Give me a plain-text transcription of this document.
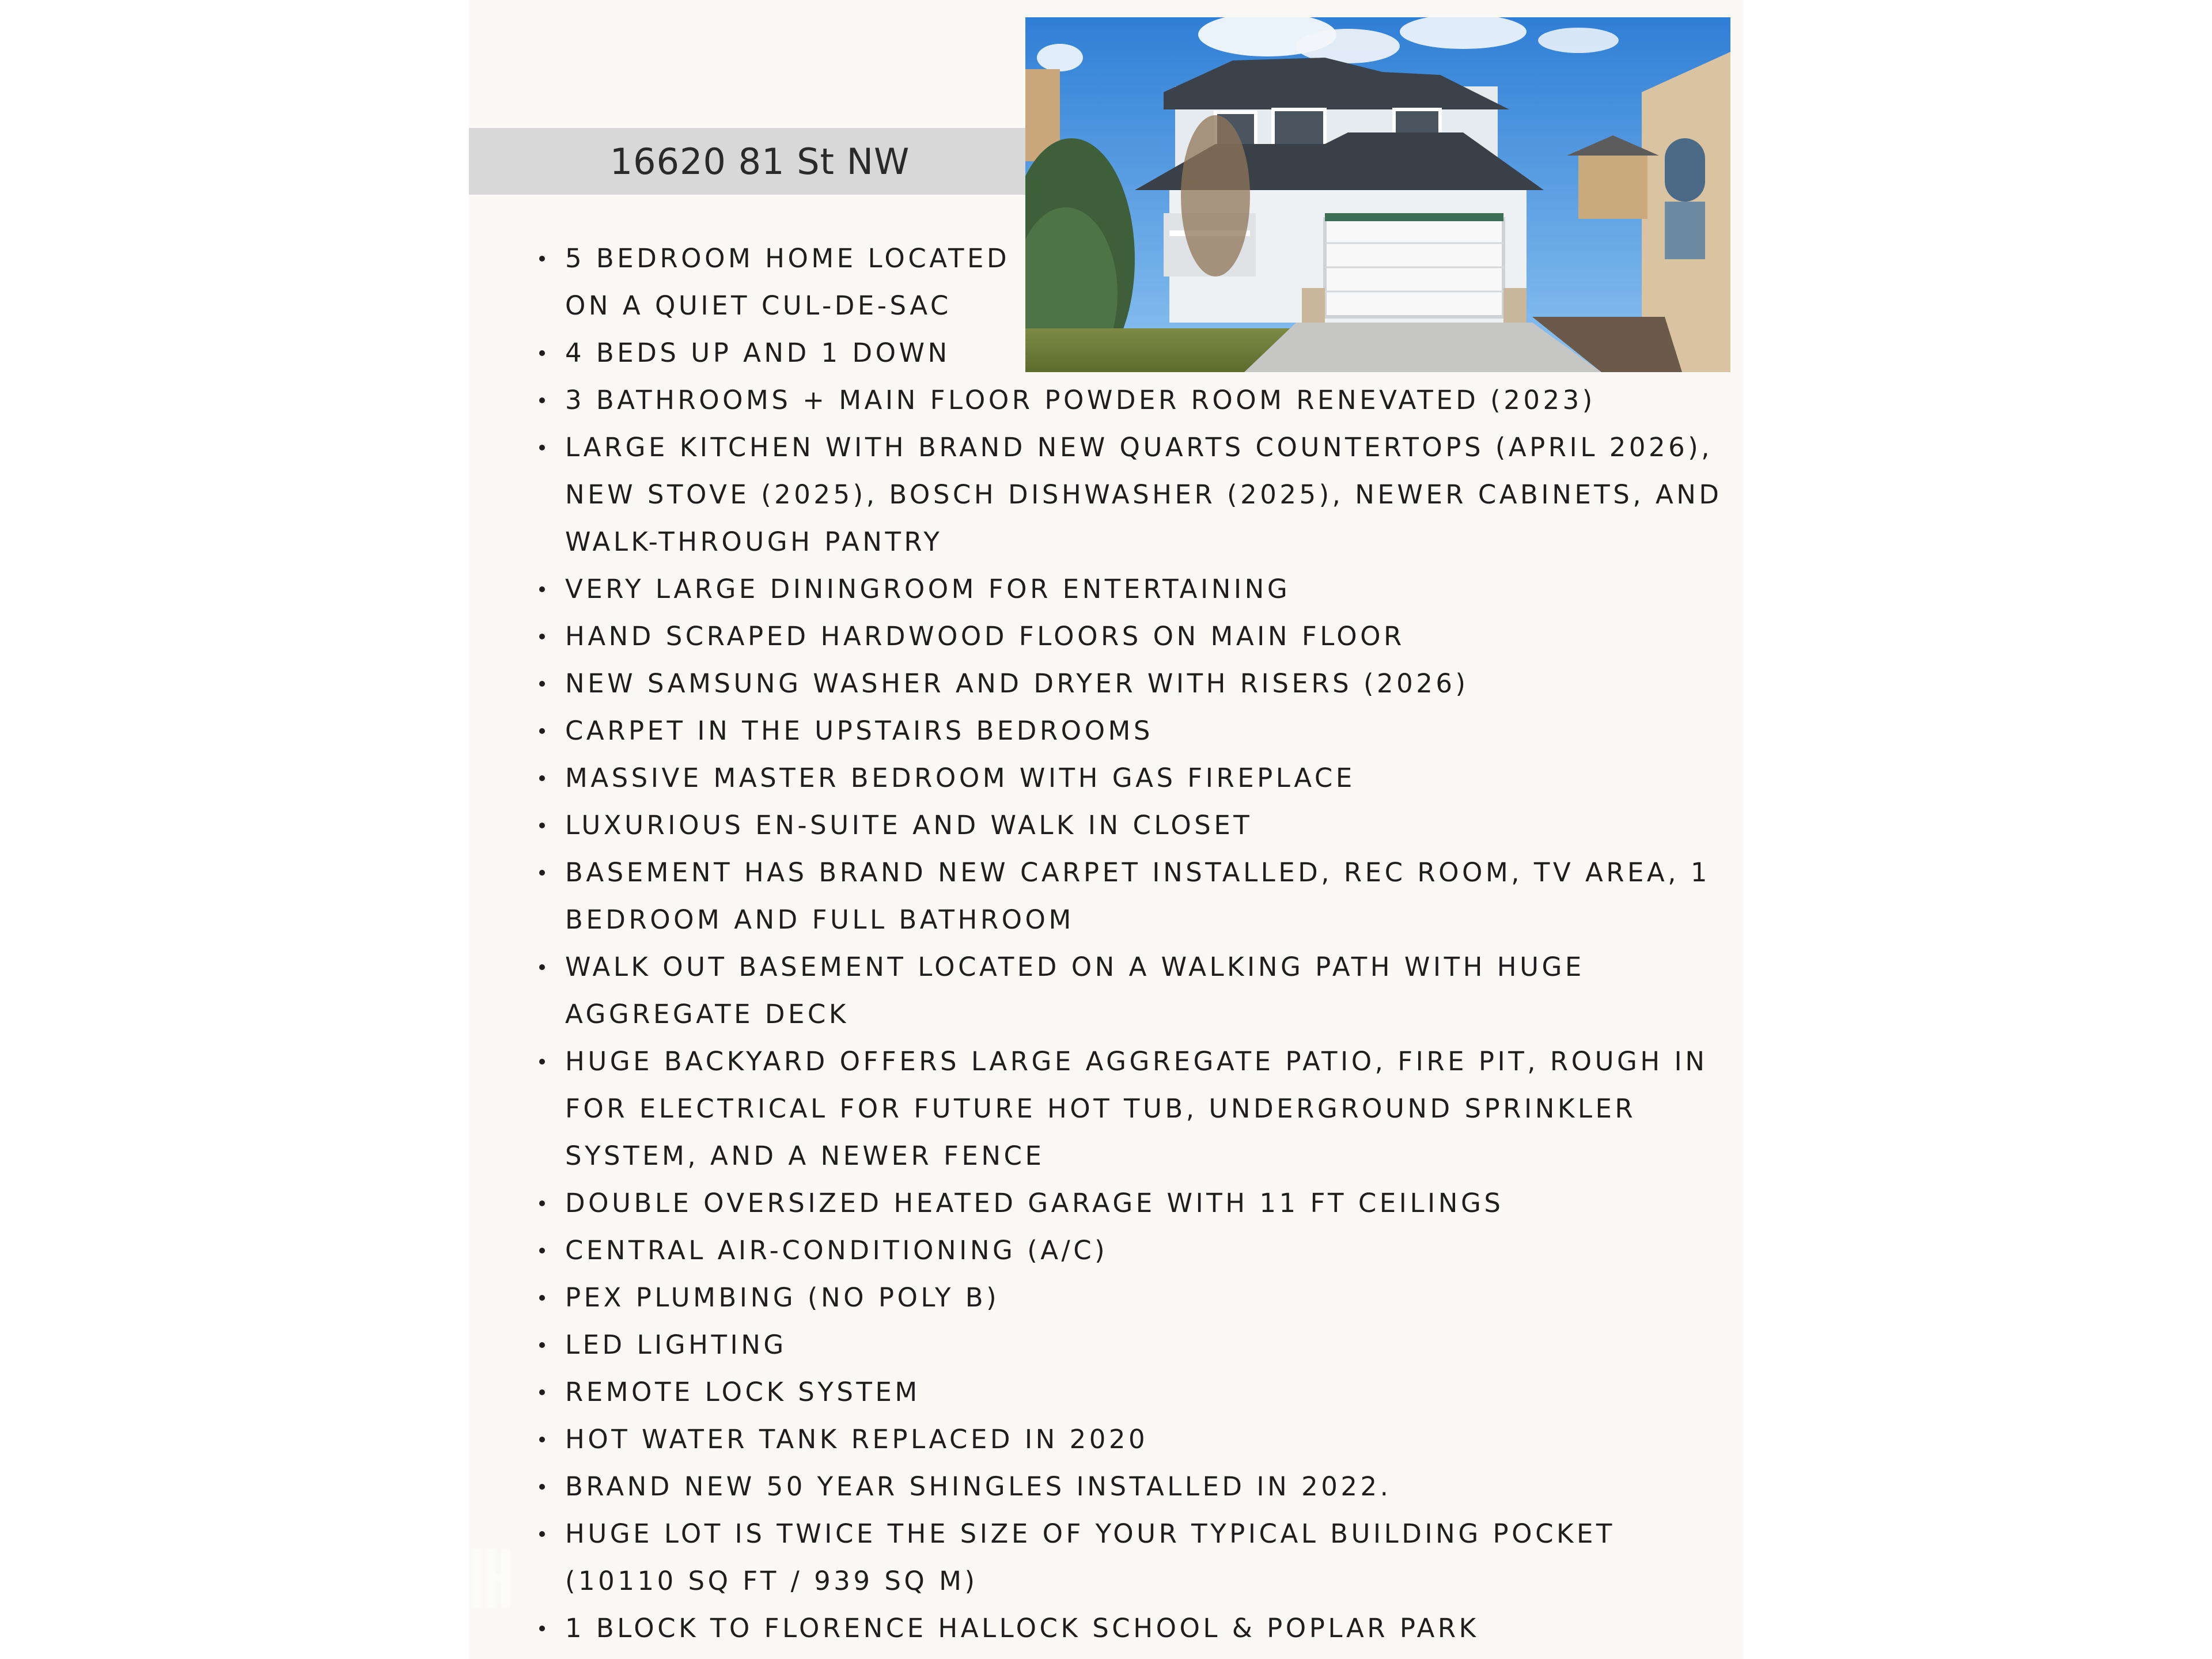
16620 81 St NW
5 BEDROOM HOME LOCATED ON A QUIET CUL-DE-SAC
4 BEDS UP AND 1 DOWN
3 BATHROOMS + MAIN FLOOR POWDER ROOM RENEVATED (2023)
LARGE KITCHEN WITH BRAND NEW QUARTS COUNTERTOPS (APRIL 2026), NEW STOVE (2025), BOSCH DISHWASHER (2025), NEWER CABINETS, AND WALK-THROUGH PANTRY
VERY LARGE DININGROOM FOR ENTERTAINING
HAND SCRAPED HARDWOOD FLOORS ON MAIN FLOOR
NEW SAMSUNG WASHER AND DRYER WITH RISERS (2026)
CARPET IN THE UPSTAIRS BEDROOMS
MASSIVE MASTER BEDROOM WITH GAS FIREPLACE
LUXURIOUS EN-SUITE AND WALK IN CLOSET
BASEMENT HAS BRAND NEW CARPET INSTALLED, REC ROOM, TV AREA, 1 BEDROOM AND FULL BATHROOM
WALK OUT BASEMENT LOCATED ON A WALKING PATH WITH HUGE AGGREGATE DECK
HUGE BACKYARD OFFERS LARGE AGGREGATE PATIO, FIRE PIT, ROUGH IN FOR ELECTRICAL FOR FUTURE HOT TUB, UNDERGROUND SPRINKLER SYSTEM, AND A NEWER FENCE
DOUBLE OVERSIZED HEATED GARAGE WITH 11 FT CEILINGS
CENTRAL AIR-CONDITIONING (A/C)
PEX PLUMBING (NO POLY B)
LED LIGHTING
REMOTE LOCK SYSTEM
HOT WATER TANK REPLACED IN 2020
BRAND NEW 50 YEAR SHINGLES INSTALLED IN 2022.
HUGE LOT IS TWICE THE SIZE OF YOUR TYPICAL BUILDING POCKET (10110 SQ FT / 939 SQ M)
1 BLOCK TO FLORENCE HALLOCK SCHOOL & POPLAR PARK
